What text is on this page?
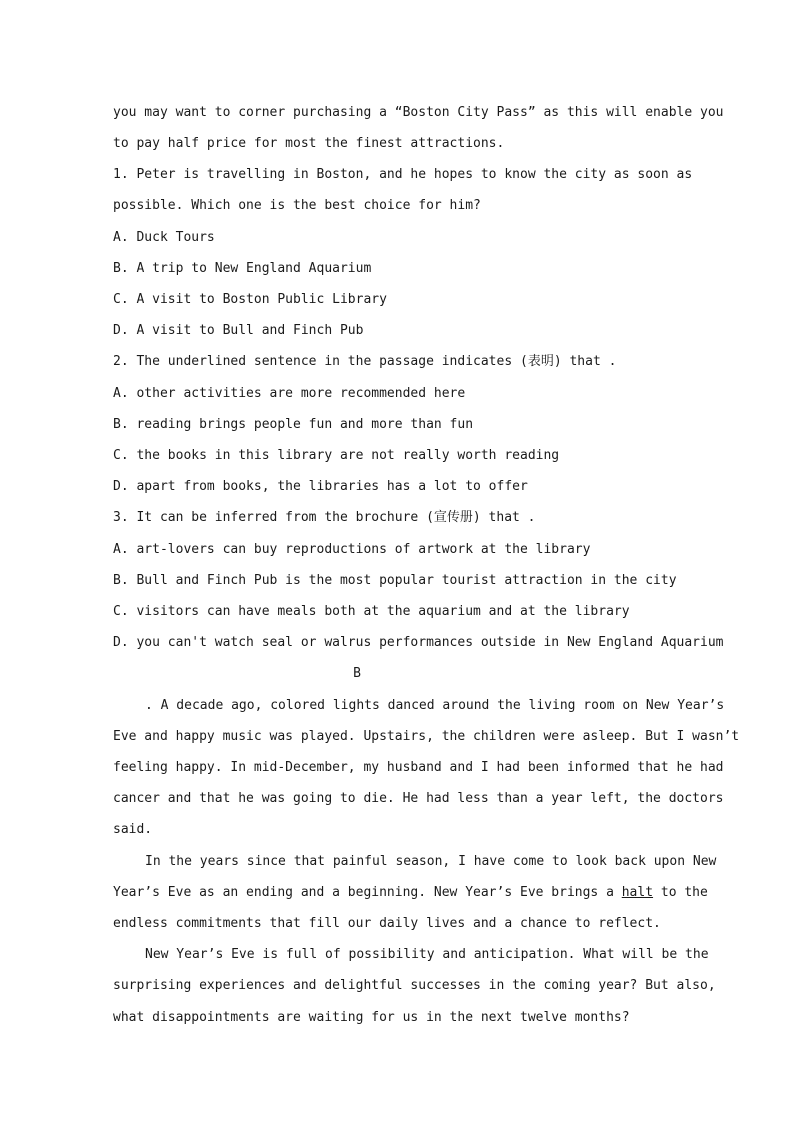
you may want to corner purchasing a “Boston City Pass” as this will enable you
to pay half price for most the finest attractions.
1. Peter is travelling in Boston, and he hopes to know the city as soon as
possible. Which one is the best choice for him?
A. Duck Tours
B. A trip to New England Aquarium
C. A visit to Boston Public Library
D. A visit to Bull and Finch Pub
2. The underlined sentence in the passage indicates (表明) that .
A. other activities are more recommended here
B. reading brings people fun and more than fun
C. the books in this library are not really worth reading
D. apart from books, the libraries has a lot to offer
3. It can be inferred from the brochure (宣传册) that .
A. art-lovers can buy reproductions of artwork at the library
B. Bull and Finch Pub is the most popular tourist attraction in the city
C. visitors can have meals both at the aquarium and at the library
D. you can't watch seal or walrus performances outside in New England Aquarium
B
. A decade ago, colored lights danced around the living room on New Year’s
Eve and happy music was played. Upstairs, the children were asleep. But I wasn’t
feeling happy. In mid-December, my husband and I had been informed that he had
cancer and that he was going to die. He had less than a year left, the doctors
said.
In the years since that painful season, I have come to look back upon New
Year’s Eve as an ending and a beginning. New Year’s Eve brings a halt to the
endless commitments that fill our daily lives and a chance to reflect.
New Year’s Eve is full of possibility and anticipation. What will be the
surprising experiences and delightful successes in the coming year? But also,
what disappointments are waiting for us in the next twelve months?
